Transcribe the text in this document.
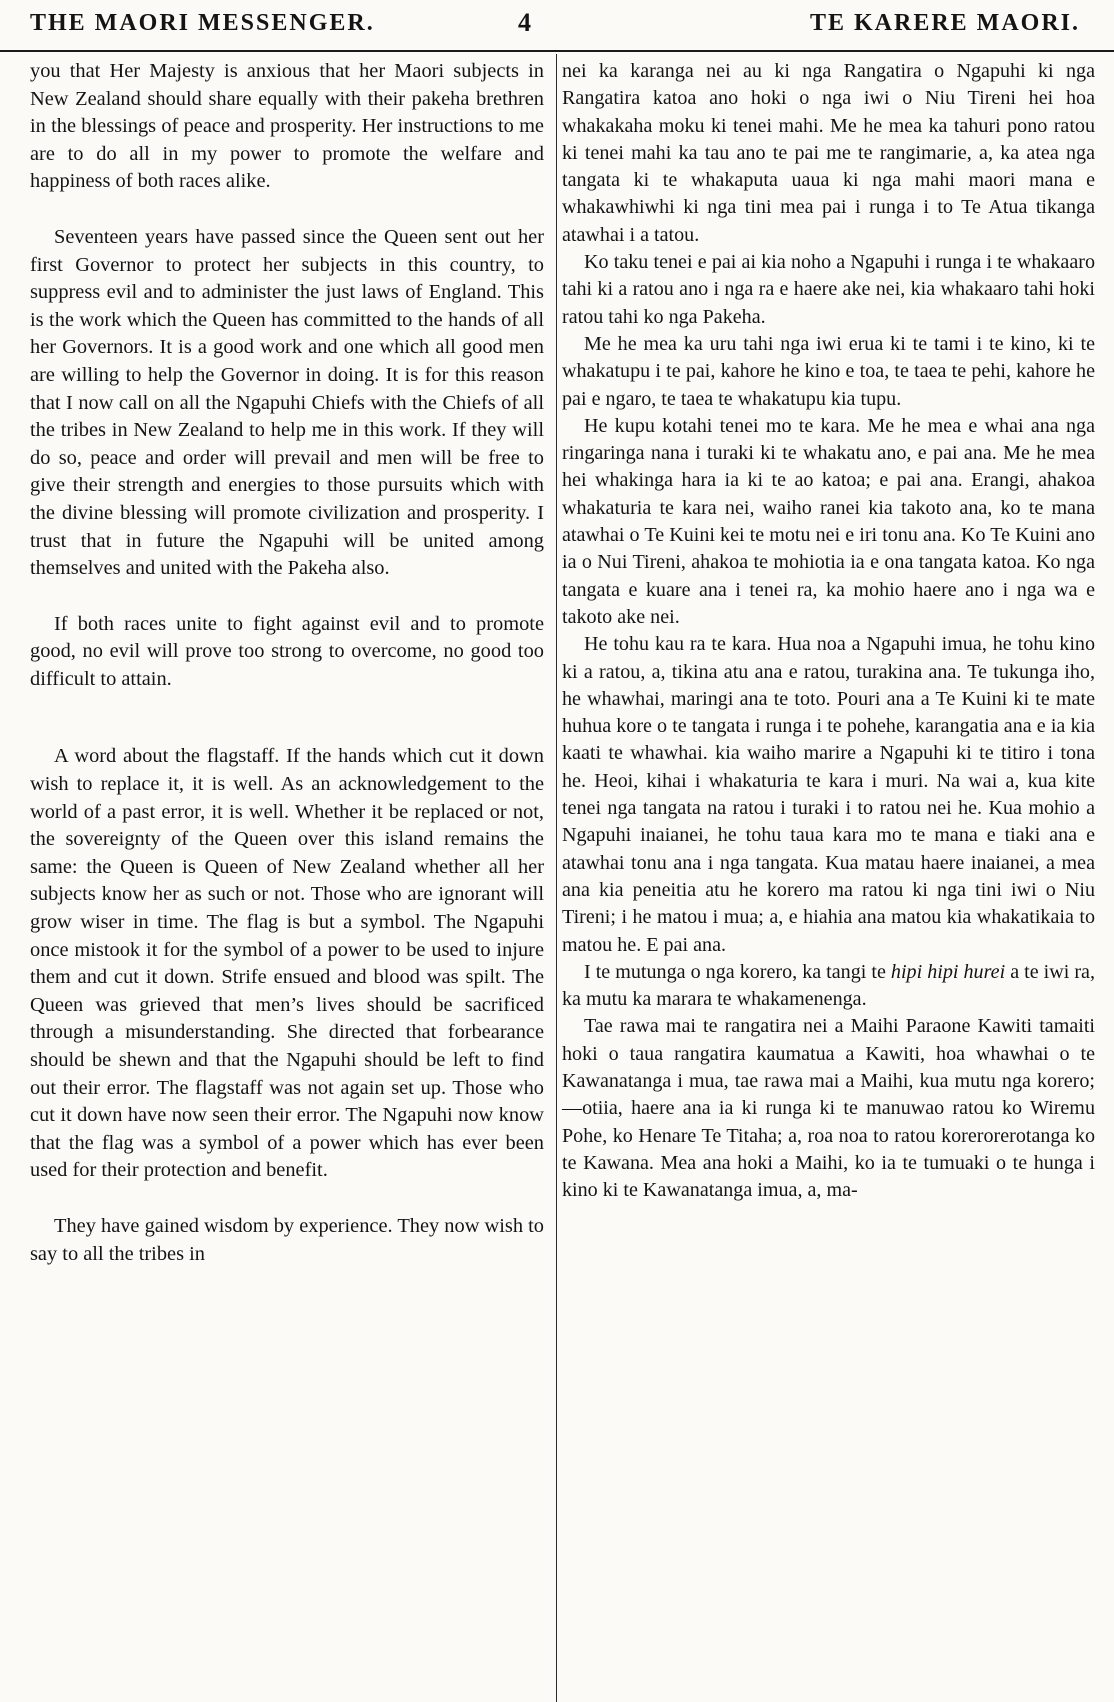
THE MAORI MESSENGER.	4	TE KARERE MAORI.

you that Her Majesty is anxious that her Maori subjects in New Zealand should share equally with their pakeha brethren in the blessings of peace and prosperity. Her instructions to me are to do all in my power to promote the welfare and happiness of both races alike.

Seventeen years have passed since the Queen sent out her first Governor to protect her subjects in this country, to suppress evil and to administer the just laws of England. This is the work which the Queen has committed to the hands of all her Governors. It is a good work and one which all good men are willing to help the Governor in doing. It is for this reason that I now call on all the Ngapuhi Chiefs with the Chiefs of all the tribes in New Zealand to help me in this work. If they will do so, peace and order will prevail and men will be free to give their strength and energies to those pursuits which with the divine blessing will promote civilization and prosperity. I trust that in future the Ngapuhi will be united among themselves and united with the Pakeha also.

If both races unite to fight against evil and to promote good, no evil will prove too strong to overcome, no good too difficult to attain.

A word about the flagstaff. If the hands which cut it down wish to replace it, it is well. As an acknowledgement to the world of a past error, it is well. Whether it be replaced or not, the sovereignty of the Queen over this island remains the same: the Queen is Queen of New Zealand whether all her subjects know her as such or not. Those who are ignorant will grow wiser in time. The flag is but a symbol. The Ngapuhi once mistook it for the symbol of a power to be used to injure them and cut it down. Strife ensued and blood was spilt. The Queen was grieved that men’s lives should be sacrificed through a misunderstanding. She directed that forbearance should be shewn and that the Ngapuhi should be left to find out their error. The flagstaff was not again set up. Those who cut it down have now seen their error. The Ngapuhi now know that the flag was a symbol of a power which has ever been used for their protection and benefit.

They have gained wisdom by experience. They now wish to say to all the tribes in

nei ka karanga nei au ki nga Rangatira o Ngapuhi ki nga Rangatira katoa ano hoki o nga iwi o Niu Tireni hei hoa whakakaha moku ki tenei mahi. Me he mea ka tahuri pono ratou ki tenei mahi ka tau ano te pai me te rangimarie, a, ka atea nga tangata ki te whakaputa uaua ki nga mahi maori mana e whakawhiwhi ki nga tini mea pai i runga i to Te Atua tikanga atawhai i a tatou.

Ko taku tenei e pai ai kia noho a Ngapuhi i runga i te whakaaro tahi ki a ratou ano i nga ra e haere ake nei, kia whakaaro tahi hoki ratou tahi ko nga Pakeha.

Me he mea ka uru tahi nga iwi erua ki te tami i te kino, ki te whakatupu i te pai, kahore he kino e toa, te taea te pehi, kahore he pai e ngaro, te taea te whakatupu kia tupu.

He kupu kotahi tenei mo te kara. Me he mea e whai ana nga ringaringa nana i turaki ki te whakatu ano, e pai ana. Me he mea hei whakinga hara ia ki te ao katoa; e pai ana. Erangi, ahakoa whakaturia te kara nei, waiho ranei kia takoto ana, ko te mana atawhai o Te Kuini kei te motu nei e iri tonu ana. Ko Te Kuini ano ia o Nui Tireni, ahakoa te mohiotia ia e ona tangata katoa. Ko nga tangata e kuare ana i tenei ra, ka mohio haere ano i nga wa e takoto ake nei.

He tohu kau ra te kara. Hua noa a Ngapuhi imua, he tohu kino ki a ratou, a, tikina atu ana e ratou, turakina ana. Te tukunga iho, he whawhai, maringi ana te toto. Pouri ana a Te Kuini ki te mate huhua kore o te tangata i runga i te pohehe, karangatia ana e ia kia kaati te whawhai. kia waiho marire a Ngapuhi ki te titiro i tona he. Heoi, kihai i whakaturia te kara i muri. Na wai a, kua kite tenei nga tangata na ratou i turaki i to ratou nei he. Kua mohio a Ngapuhi inaianei, he tohu taua kara mo te mana e tiaki ana e atawhai tonu ana i nga tangata. Kua matau haere inaianei, a mea ana kia peneitia atu he korero ma ratou ki nga tini iwi o Niu Tireni; i he matou i mua; a, e hiahia ana matou kia whakatikaia to matou he. E pai ana.

I te mutunga o nga korero, ka tangi te hipi hipi hurei a te iwi ra, ka mutu ka marara te whakamenenga.

Tae rawa mai te rangatira nei a Maihi Paraone Kawiti tamaiti hoki o taua rangatira kaumatua a Kawiti, hoa whawhai o te Kawanatanga i mua, tae rawa mai a Maihi, kua mutu nga korero;—otiia, haere ana ia ki runga ki te manuwao ratou ko Wiremu Pohe, ko Henare Te Titaha; a, roa noa to ratou korerorerotanga ko te Kawana. Mea ana hoki a Maihi, ko ia te tumuaki o te hunga i kino ki te Kawanatanga imua, a, ma-
